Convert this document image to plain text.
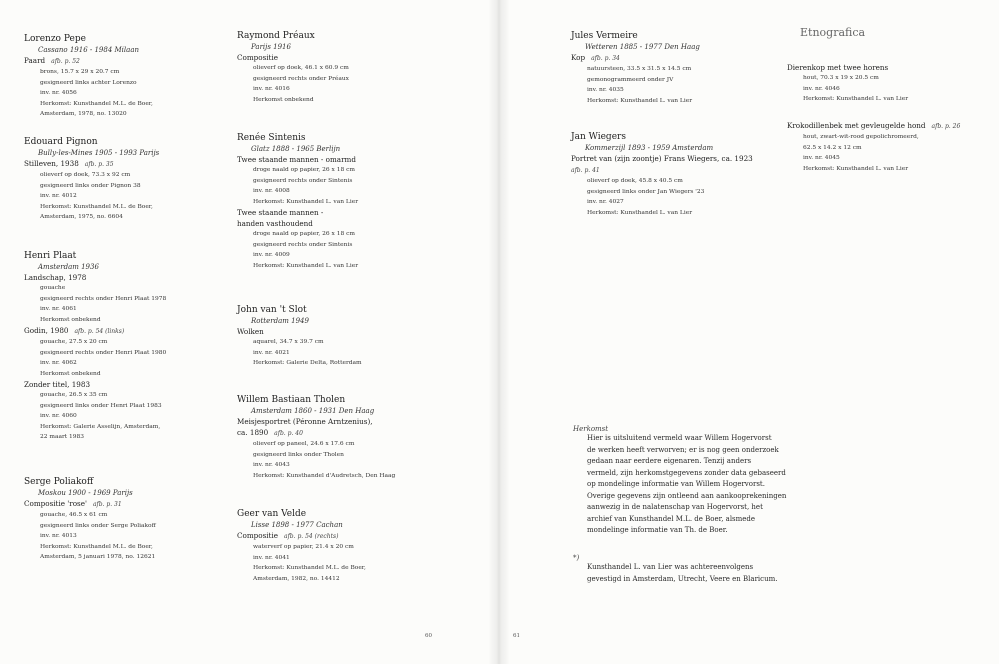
Lorenzo Pepe
Cassano 1916 - 1984 Milaan
Paard afb. p. 52
brons, 15.7 x 29 x 20.7 cm
gesigneerd links achter Lorenzo
inv. nr. 4056
Herkomst: Kunsthandel M.L. de Boer,
Amsterdam, 1978, no. 13020
Edouard Pignon
Bully-les-Mines 1905 - 1993 Parijs
Stilleven, 1938 afb. p. 35
olieverf op doek, 73.3 x 92 cm
gesigneerd links onder Pignon 38
inv. nr. 4012
Herkomst: Kunsthandel M.L. de Boer,
Amsterdam, 1975, no. 6604
Henri Plaat
Amsterdam 1936
Landschap, 1978
gouache
gesigneerd rechts onder Henri Plaat 1978
inv. nr. 4061
Herkomst onbekend
Godin, 1980 afb. p. 54 (links)
gouache, 27.5 x 20 cm
gesigneerd rechts onder Henri Plaat 1980
inv. nr. 4062
Herkomst onbekend
Zonder titel, 1983
gouache, 26.5 x 35 cm
gesigneerd links onder Henri Plaat 1983
inv. nr. 4060
Herkomst: Galerie Asselijn, Amsterdam,
22 maart 1983
Serge Poliakoff
Moskou 1900 - 1969 Parijs
Compositie 'rose' afb. p. 31
gouache, 46.5 x 61 cm
gesigneerd links onder Serge Poliakoff
inv. nr. 4013
Herkomst: Kunsthandel M.L. de Boer,
Amsterdam, 5 januari 1978, no. 12621
Raymond Préaux
Parijs 1916
Compositie
olieverf op doek, 46.1 x 60.9 cm
gesigneerd rechts onder Préaux
inv. nr. 4016
Herkomst onbekend
Renée Sintenis
Glatz 1888 - 1965 Berlijn
Twee staande mannen - omarmd
droge naald op papier, 26 x 18 cm
gesigneerd rechts onder Sintenis
inv. nr. 4008
Herkomst: Kunsthandel L. van Lier
Twee staande mannen -
handen vasthoudend
droge naald op papier, 26 x 18 cm
gesigneerd rechts onder Sintenis
inv. nr. 4009
Herkomst: Kunsthandel L. van Lier
John van 't Slot
Rotterdam 1949
Wolken
aquarel, 34.7 x 39.7 cm
inv. nr. 4021
Herkomst: Galerie Delta, Rotterdam
Willem Bastiaan Tholen
Amsterdam 1860 - 1931 Den Haag
Meisjesportret (Péronne Arntzenius),
ca. 1890 afb. p. 40
olieverf op paneel, 24.6 x 17.6 cm
gesigneerd links onder Tholen
inv. nr. 4043
Herkomst: Kunsthandel d'Audretsch, Den Haag
Geer van Velde
Lisse 1898 - 1977 Cachan
Compositie afb. p. 54 (rechts)
waterverf op papier, 21.4 x 20 cm
inv. nr. 4041
Herkomst: Kunsthandel M.L. de Boer,
Amsterdam, 1982, no. 14412
60
Jules Vermeire
Wetteren 1885 - 1977 Den Haag
Kop afb. p. 34
natuursteen, 33.5 x 31.5 x 14.5 cm
gemonogrammeerd onder JV
inv. nr. 4035
Herkomst: Kunsthandel L. van Lier
Jan Wiegers
Kommerzijl 1893 - 1959 Amsterdam
Portret van (zijn zoontje) Frans Wiegers, ca. 1923
afb. p. 41
olieverf op doek, 45.8 x 40.5 cm
gesigneerd links onder Jan Wiegers '23
inv. nr. 4027
Herkomst: Kunsthandel L. van Lier
Etnografica
Dierenkop met twee horens
hout, 70.3 x 19 x 20.5 cm
inv. nr. 4046
Herkomst: Kunsthandel L. van Lier
Krokodillenbek met gevleugelde hond afb. p. 26
hout, zwart-wit-rood gepolichromeerd,
62.5 x 14.2 x 12 cm
inv. nr. 4045
Herkomst: Kunsthandel L. van Lier
Herkomst
Hier is uitsluitend vermeld waar Willem Hogervorst
de werken heeft verworven; er is nog geen onderzoek
gedaan naar eerdere eigenaren. Tenzij anders
vermeld, zijn herkomstgegevens zonder data gebaseerd
op mondelinge informatie van Willem Hogervorst.
Overige gegevens zijn ontleend aan aankooprekeningen
aanwezig in de nalatenschap van Hogervorst, het
archief van Kunsthandel M.L. de Boer, alsmede
mondelinge informatie van Th. de Boer.
*)
Kunsthandel L. van Lier was achtereenvolgens
gevestigd in Amsterdam, Utrecht, Veere en Blaricum.
61
